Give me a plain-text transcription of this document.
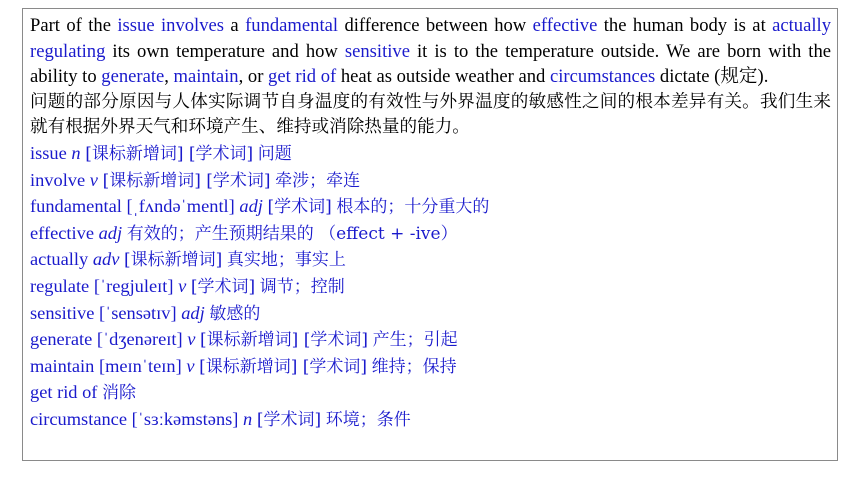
Part of the issue involves a fundamental difference between how effective the human body is at actually regulating its own temperature and how sensitive it is to the temperature outside. We are born with the ability to generate, maintain, or get rid of heat as outside weather and circumstances dictate (规定).

问题的部分原因与人体实际调节自身温度的有效性与外界温度的敏感性之间的根本差异有关。我们生来就有根据外界天气和环境产生、维持或消除热量的能力。

issue n [课标新增词] [学术词] 问题
involve v [课标新增词] [学术词] 牵涉；牵连
fundamental [ˌfʌndəˈmentl] adj [学术词] 根本的；十分重大的
effective adj 有效的；产生预期结果的 （effect + -ive）
actually adv [课标新增词] 真实地；事实上
regulate [ˈregjuleɪt] v [学术词] 调节；控制
sensitive [ˈsensətɪv] adj 敏感的
generate [ˈdʒenəreɪt] v [课标新增词] [学术词] 产生；引起
maintain [meɪnˈteɪn] v [课标新增词] [学术词] 维持；保持
get rid of 消除
circumstance [ˈsɜːkəmstəns] n [学术词] 环境；条件
